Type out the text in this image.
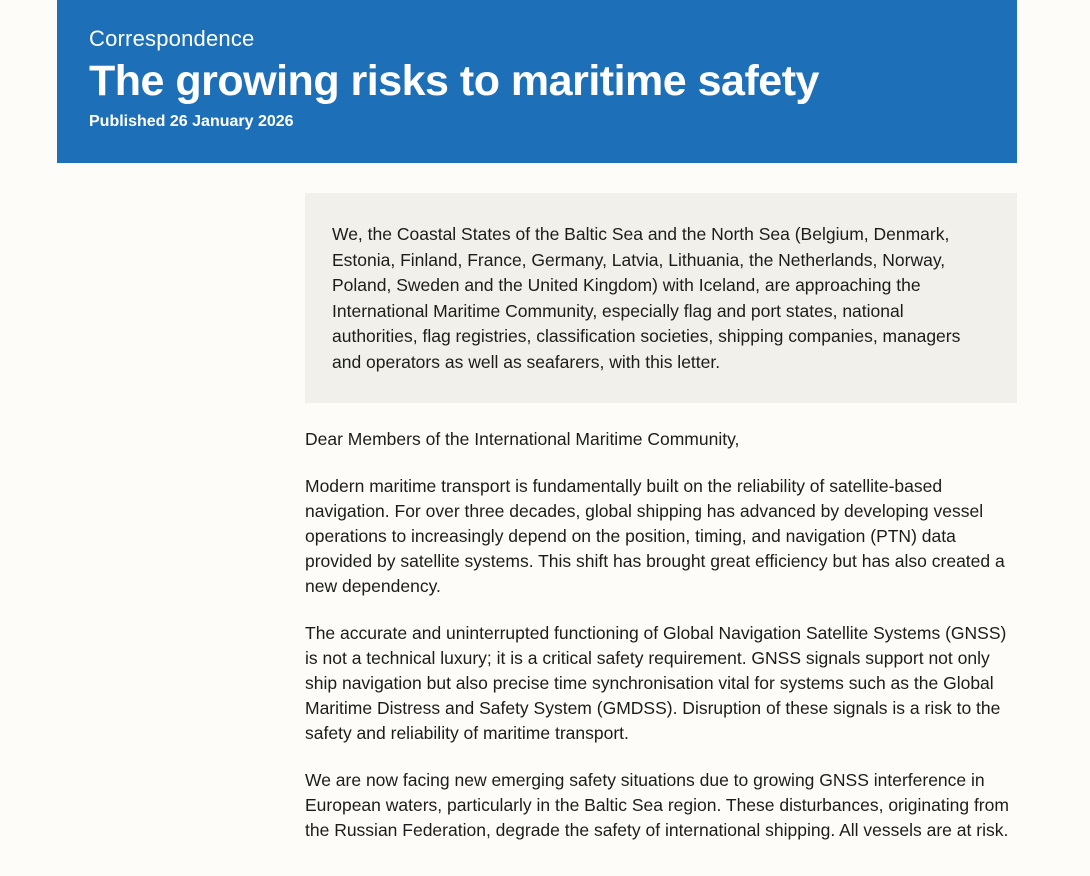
Correspondence
The growing risks to maritime safety
Published 26 January 2026

We, the Coastal States of the Baltic Sea and the North Sea (Belgium, Denmark, Estonia, Finland, France, Germany, Latvia, Lithuania, the Netherlands, Norway, Poland, Sweden and the United Kingdom) with Iceland, are approaching the International Maritime Community, especially flag and port states, national authorities, flag registries, classification societies, shipping companies, managers and operators as well as seafarers, with this letter.

Dear Members of the International Maritime Community,

Modern maritime transport is fundamentally built on the reliability of satellite-based navigation. For over three decades, global shipping has advanced by developing vessel operations to increasingly depend on the position, timing, and navigation (PTN) data provided by satellite systems. This shift has brought great efficiency but has also created a new dependency.

The accurate and uninterrupted functioning of Global Navigation Satellite Systems (GNSS) is not a technical luxury; it is a critical safety requirement. GNSS signals support not only ship navigation but also precise time synchronisation vital for systems such as the Global Maritime Distress and Safety System (GMDSS). Disruption of these signals is a risk to the safety and reliability of maritime transport.

We are now facing new emerging safety situations due to growing GNSS interference in European waters, particularly in the Baltic Sea region. These disturbances, originating from the Russian Federation, degrade the safety of international shipping. All vessels are at risk.
